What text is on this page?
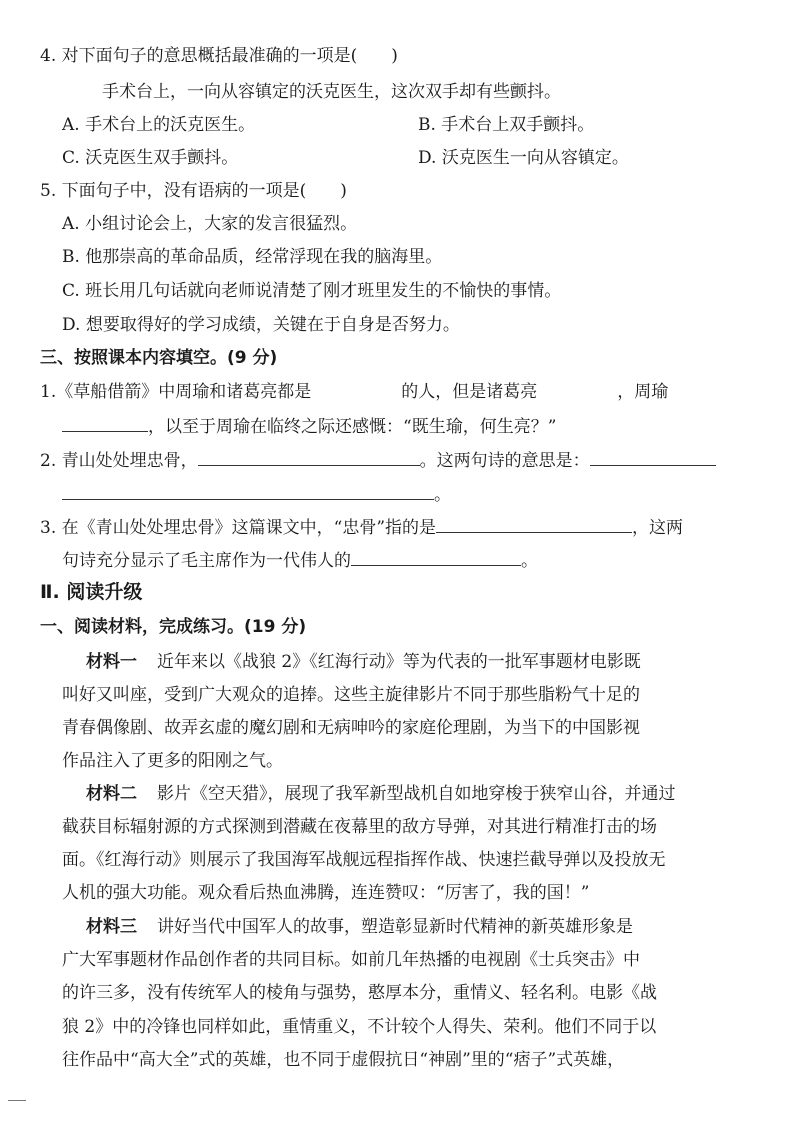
4. 对下面句子的意思概括最准确的一项是(　　)
手术台上，一向从容镇定的沃克医生，这次双手却有些颤抖。
A. 手术台上的沃克医生。	B. 手术台上双手颤抖。
C. 沃克医生双手颤抖。	D. 沃克医生一向从容镇定。
5. 下面句子中，没有语病的一项是(　　)
A. 小组讨论会上，大家的发言很猛烈。
B. 他那崇高的革命品质，经常浮现在我的脑海里。
C. 班长用几句话就向老师说清楚了刚才班里发生的不愉快的事情。
D. 想要取得好的学习成绩，关键在于自身是否努力。
三、按照课本内容填空。(9 分)
1.《草船借箭》中周瑜和诸葛亮都是	的人，但是诸葛亮	，周瑜
，以至于周瑜在临终之际还感慨：“既生瑜，何生亮？”
2. 青山处处埋忠骨，	。这两句诗的意思是：
。
3. 在《青山处处埋忠骨》这篇课文中，“忠骨”指的是	，这两
句诗充分显示了毛主席作为一代伟人的	。
Ⅱ. 阅读升级
一、阅读材料，完成练习。(19 分)
材料一 近年来以《战狼 2》《红海行动》等为代表的一批军事题材电影既
叫好又叫座，受到广大观众的追捧。这些主旋律影片不同于那些脂粉气十足的
青春偶像剧、故弄玄虚的魔幻剧和无病呻吟的家庭伦理剧，为当下的中国影视
作品注入了更多的阳刚之气。
材料二 影片《空天猎》，展现了我军新型战机自如地穿梭于狭窄山谷，并通过
截获目标辐射源的方式探测到潜藏在夜幕里的敌方导弹，对其进行精准打击的场
面。《红海行动》则展示了我国海军战舰远程指挥作战、快速拦截导弹以及投放无
人机的强大功能。观众看后热血沸腾，连连赞叹：“厉害了，我的国！”
材料三 讲好当代中国军人的故事，塑造彰显新时代精神的新英雄形象是
广大军事题材作品创作者的共同目标。如前几年热播的电视剧《士兵突击》中
的许三多，没有传统军人的棱角与强势，憨厚本分，重情义、轻名利。电影《战
狼 2》中的冷锋也同样如此，重情重义，不计较个人得失、荣利。他们不同于以
往作品中“高大全”式的英雄，也不同于虚假抗日“神剧”里的“痞子”式英雄，
